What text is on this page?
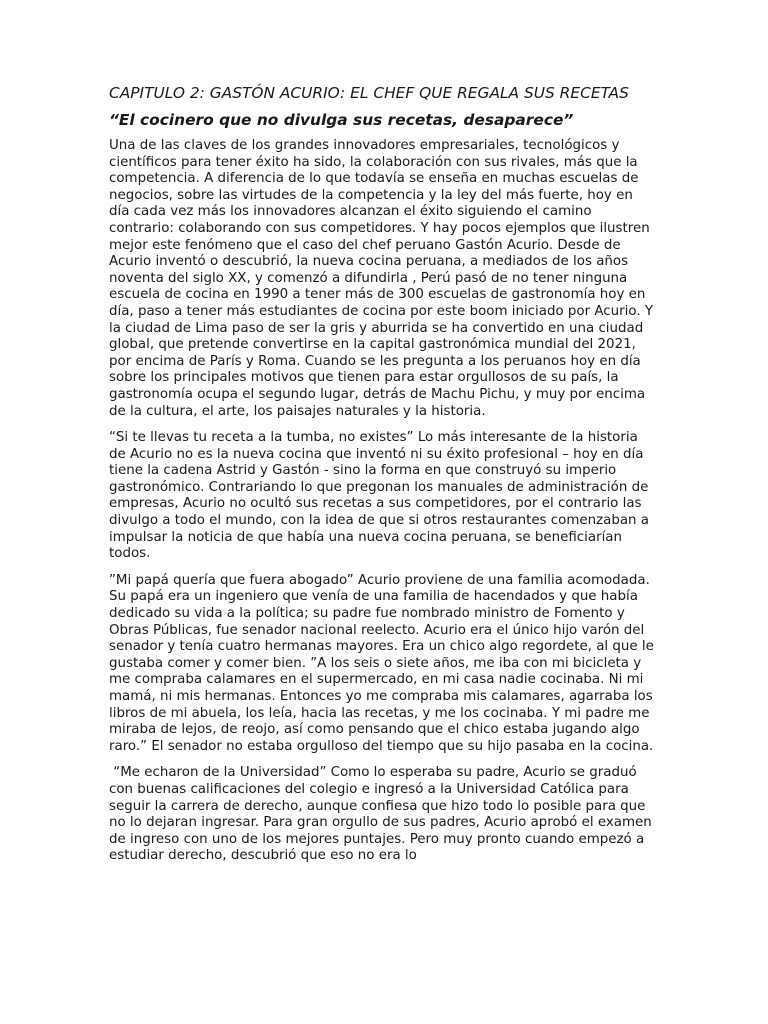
CAPITULO 2: GASTÓN ACURIO: EL CHEF QUE REGALA SUS RECETAS
“El cocinero que no divulga sus recetas, desaparece”

Una de las claves de los grandes innovadores empresariales, tecnológicos y científicos para tener éxito ha sido, la colaboración con sus rivales, más que la competencia. A diferencia de lo que todavía se enseña en muchas escuelas de negocios, sobre las virtudes de la competencia y la ley del más fuerte, hoy en día cada vez más los innovadores alcanzan el éxito siguiendo el camino contrario: colaborando con sus competidores. Y hay pocos ejemplos que ilustren mejor este fenómeno que el caso del chef peruano Gastón Acurio. Desde de Acurio inventó o descubrió, la nueva cocina peruana, a mediados de los años noventa del siglo XX, y comenzó a difundirla , Perú pasó de no tener ninguna escuela de cocina en 1990 a tener más de 300 escuelas de gastronomía hoy en día, paso a tener más estudiantes de cocina por este boom iniciado por Acurio. Y la ciudad de Lima paso de ser la gris y aburrida se ha convertido en una ciudad global, que pretende convertirse en la capital gastronómica mundial del 2021, por encima de París y Roma. Cuando se les pregunta a los peruanos hoy en día sobre los principales motivos que tienen para estar orgullosos de su país, la gastronomía ocupa el segundo lugar, detrás de Machu Pichu, y muy por encima de la cultura, el arte, los paisajes naturales y la historia.

“Si te llevas tu receta a la tumba, no existes” Lo más interesante de la historia de Acurio no es la nueva cocina que inventó ni su éxito profesional – hoy en día tiene la cadena Astrid y Gastón - sino la forma en que construyó su imperio gastronómico. Contrariando lo que pregonan los manuales de administración de empresas, Acurio no ocultó sus recetas a sus competidores, por el contrario las divulgo a todo el mundo, con la idea de que si otros restaurantes comenzaban a impulsar la noticia de que había una nueva cocina peruana, se beneficiarían todos.

”Mi papá quería que fuera abogado” Acurio proviene de una familia acomodada. Su papá era un ingeniero que venía de una familia de hacendados y que había dedicado su vida a la política; su padre fue nombrado ministro de Fomento y Obras Públicas, fue senador nacional reelecto. Acurio era el único hijo varón del senador y tenía cuatro hermanas mayores. Era un chico algo regordete, al que le gustaba comer y comer bien. ”A los seis o siete años, me iba con mi bicicleta y me compraba calamares en el supermercado, en mi casa nadie cocinaba. Ni mi mamá, ni mis hermanas. Entonces yo me compraba mis calamares, agarraba los libros de mi abuela, los leía, hacia las recetas, y me los cocinaba. Y mi padre me miraba de lejos, de reojo, así como pensando que el chico estaba jugando algo raro.” El senador no estaba orgulloso del tiempo que su hijo pasaba en la cocina.

“Me echaron de la Universidad” Como lo esperaba su padre, Acurio se graduó con buenas calificaciones del colegio e ingresó a la Universidad Católica para seguir la carrera de derecho, aunque confiesa que hizo todo lo posible para que no lo dejaran ingresar. Para gran orgullo de sus padres, Acurio aprobó el examen de ingreso con uno de los mejores puntajes. Pero muy pronto cuando empezó a estudiar derecho, descubrió que eso no era lo
